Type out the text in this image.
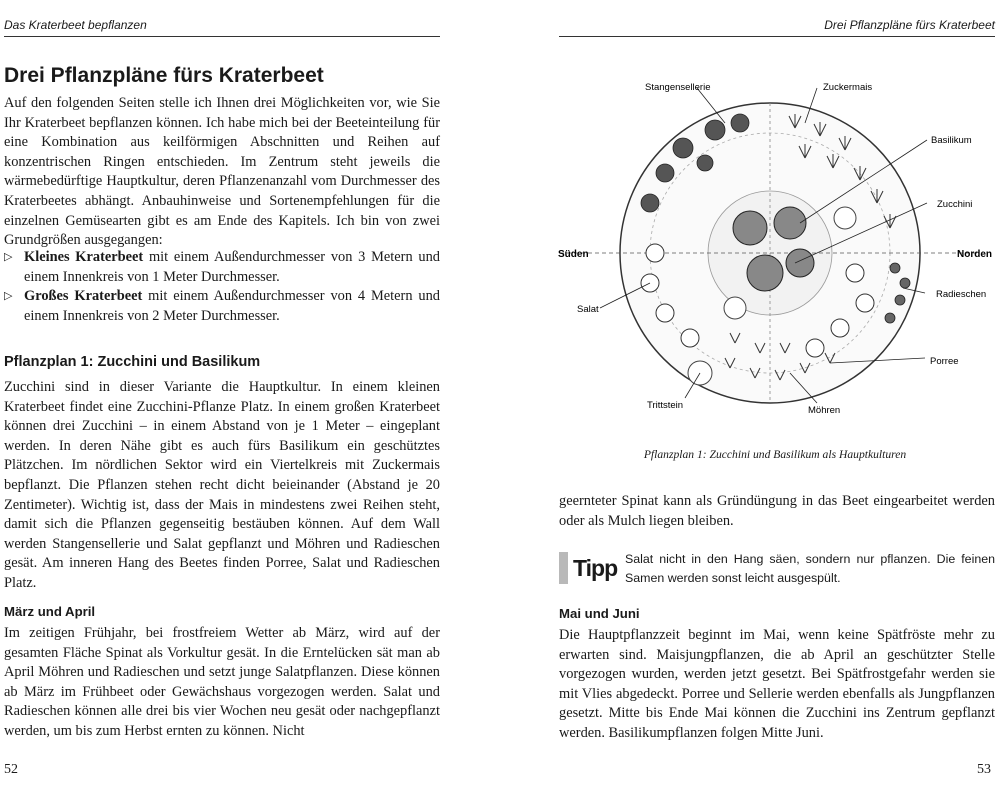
Das Kraterbeet bepflanzen
Drei Pflanzpläne fürs Kraterbeet

Auf den folgenden Seiten stelle ich Ihnen drei Möglichkeiten vor, wie Sie Ihr Kraterbeet bepflanzen können. Ich habe mich bei der Beeteinteilung für eine Kombination aus keilförmigen Abschnitten und Reihen auf konzentrischen Ringen entschieden. Im Zentrum steht jeweils die wärmebedürftige Hauptkultur, deren Pflanzenanzahl vom Durchmesser des Kraterbeetes abhängt. Anbauhinweise und Sortenempfehlungen für die einzelnen Gemüsearten gibt es am Ende des Kapitels. Ich bin von zwei Grundgrößen ausgegangen:

▷ Kleines Kraterbeet mit einem Außendurchmesser von 3 Metern und einem Innenkreis von 1 Meter Durchmesser.
▷ Großes Kraterbeet mit einem Außendurchmesser von 4 Metern und einem Innenkreis von 2 Meter Durchmesser.
Pflanzplan 1: Zucchini und Basilikum

Zucchini sind in dieser Variante die Hauptkultur. In einem kleinen Kraterbeet findet eine Zucchini-Pflanze Platz. In einem großen Kraterbeet können drei Zucchini – in einem Abstand von je 1 Meter – eingeplant werden. In deren Nähe gibt es auch fürs Basilikum ein geschütztes Plätzchen. Im nördlichen Sektor wird ein Viertelkreis mit Zuckermais bepflanzt. Die Pflanzen stehen recht dicht beieinander (Abstand je 20 Zentimeter). Wichtig ist, dass der Mais in mindestens zwei Reihen steht, damit sich die Pflanzen gegenseitig bestäuben können. Auf dem Wall werden Stangensellerie und Salat gepflanzt und Möhren und Radieschen gesät. Am inneren Hang des Beetes finden Porree, Salat und Radieschen Platz.

März und April

Im zeitigen Frühjahr, bei frostfreiem Wetter ab März, wird auf der gesamten Fläche Spinat als Vorkultur gesät. In die Erntelücken sät man ab April Möhren und Radieschen und setzt junge Salatpflanzen. Diese können ab März im Frühbeet oder Gewächshaus vorgezogen werden. Salat und Radieschen können alle drei bis vier Wochen neu gesät oder nachgepflanzt werden, um bis zum Herbst ernten zu können. Nicht

52
Drei Pflanzpläne fürs Kraterbeet
Stangensellerie	Zuckermais
Basilikum
Zucchini
Süden	Norden
Radieschen
Salat
Porree
Trittstein	Möhren
Pflanzplan 1: Zucchini und Basilikum als Hauptkulturen

geernteter Spinat kann als Gründüngung in das Beet eingearbeitet werden oder als Mulch liegen bleiben.

Tipp Salat nicht in den Hang säen, sondern nur pflanzen. Die feinen Samen werden sonst leicht ausgespült.

Mai und Juni

Die Hauptpflanzzeit beginnt im Mai, wenn keine Spätfröste mehr zu erwarten sind. Maisjungpflanzen, die ab April an geschützter Stelle vorgezogen wurden, werden jetzt gesetzt. Bei Spätfrostgefahr werden sie mit Vlies abgedeckt. Porree und Sellerie werden ebenfalls als Jungpflanzen gesetzt. Mitte bis Ende Mai können die Zucchini ins Zentrum gepflanzt werden. Basilikumpflanzen folgen Mitte Juni.

53
